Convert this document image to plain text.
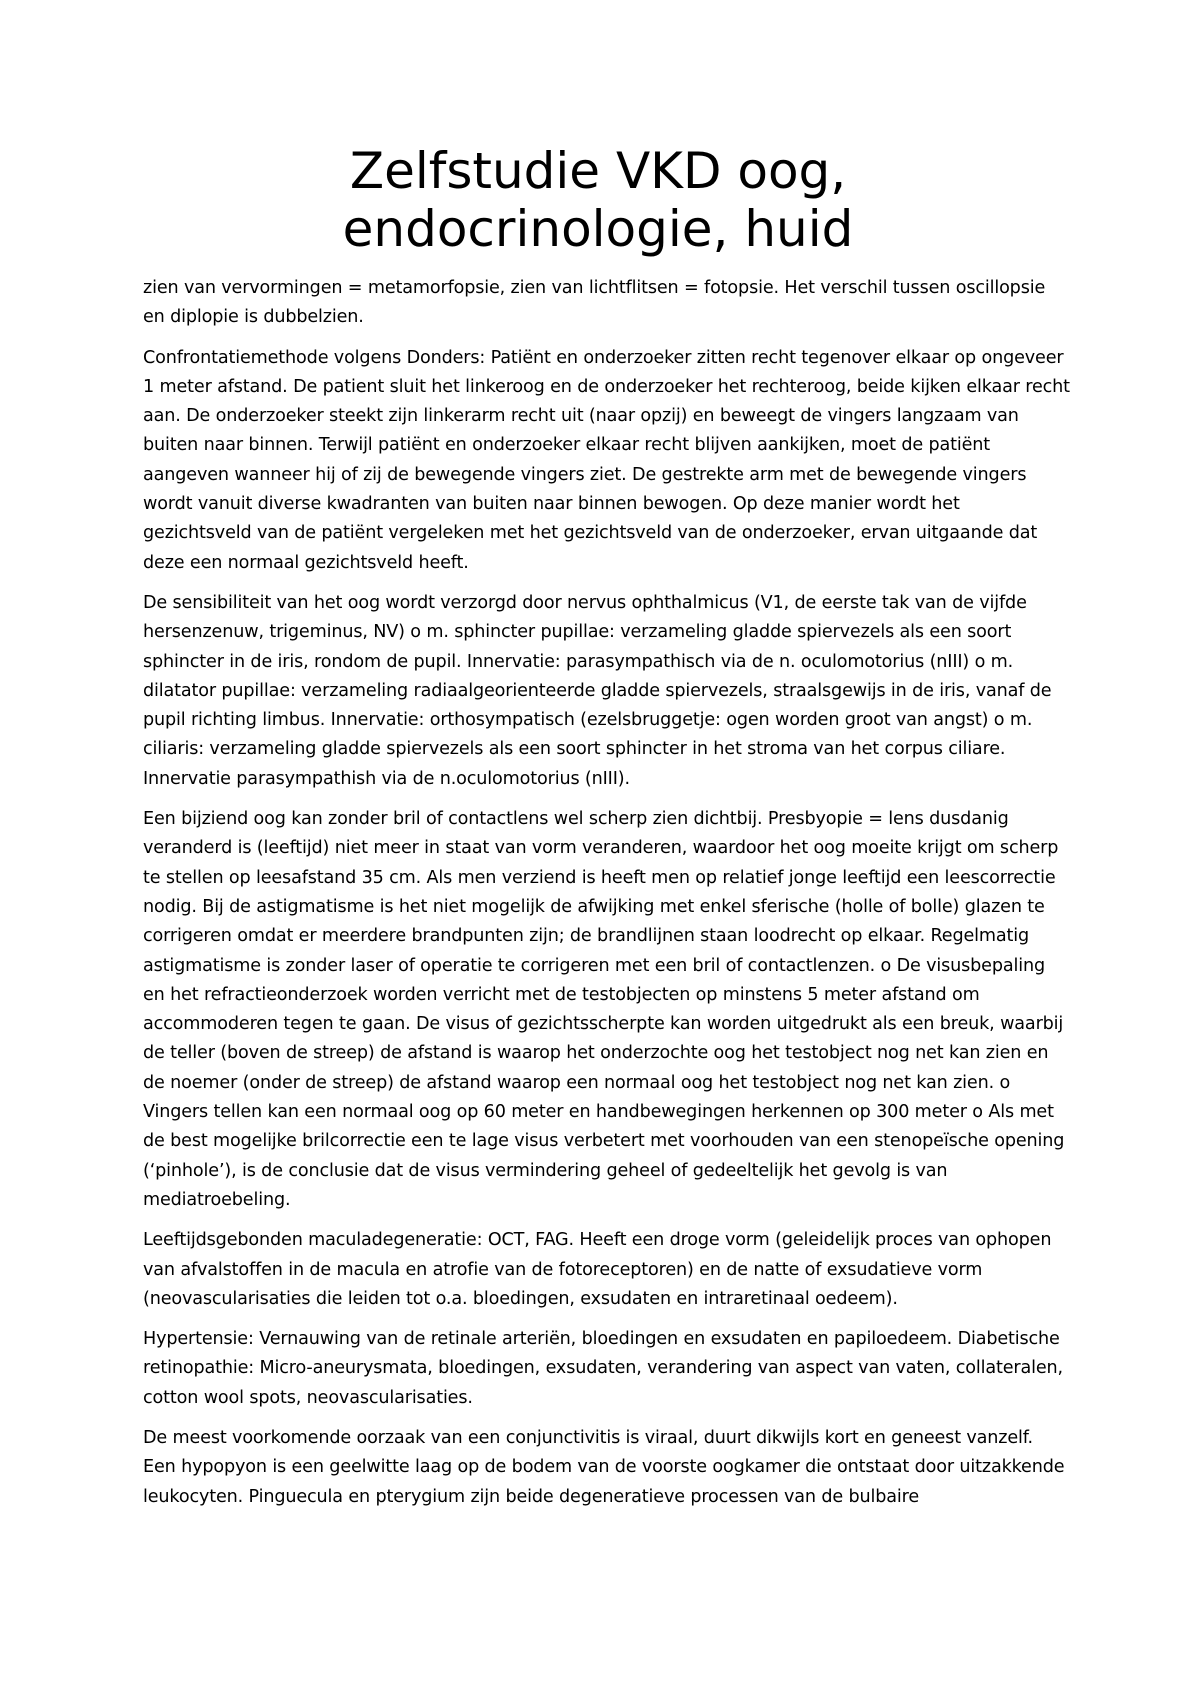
Zelfstudie VKD oog,
endocrinologie, huid

zien van vervormingen = metamorfopsie, zien van lichtflitsen = fotopsie. Het verschil tussen oscillopsie en diplopie is dubbelzien.

Confrontatiemethode volgens Donders: Patiënt en onderzoeker zitten recht tegenover elkaar op ongeveer 1 meter afstand. De patient sluit het linkeroog en de onderzoeker het rechteroog, beide kijken elkaar recht aan. De onderzoeker steekt zijn linkerarm recht uit (naar opzij) en beweegt de vingers langzaam van buiten naar binnen. Terwijl patiënt en onderzoeker elkaar recht blijven aankijken, moet de patiënt aangeven wanneer hij of zij de bewegende vingers ziet. De gestrekte arm met de bewegende vingers wordt vanuit diverse kwadranten van buiten naar binnen bewogen. Op deze manier wordt het gezichtsveld van de patiënt vergeleken met het gezichtsveld van de onderzoeker, ervan uitgaande dat deze een normaal gezichtsveld heeft.

De sensibiliteit van het oog wordt verzorgd door nervus ophthalmicus (V1, de eerste tak van de vijfde hersenzenuw, trigeminus, NV) o m. sphincter pupillae: verzameling gladde spiervezels als een soort sphincter in de iris, rondom de pupil. Innervatie: parasympathisch via de n. oculomotorius (nIII) o m. dilatator pupillae: verzameling radiaalgeorienteerde gladde spiervezels, straalsgewijs in de iris, vanaf de pupil richting limbus. Innervatie: orthosympatisch (ezelsbruggetje: ogen worden groot van angst) o m. ciliaris: verzameling gladde spiervezels als een soort sphincter in het stroma van het corpus ciliare. Innervatie parasympathish via de n.oculomotorius (nIII).

Een bijziend oog kan zonder bril of contactlens wel scherp zien dichtbij. Presbyopie = lens dusdanig veranderd is (leeftijd) niet meer in staat van vorm veranderen, waardoor het oog moeite krijgt om scherp te stellen op leesafstand 35 cm. Als men verziend is heeft men op relatief jonge leeftijd een leescorrectie nodig. Bij de astigmatisme is het niet mogelijk de afwijking met enkel sferische (holle of bolle) glazen te corrigeren omdat er meerdere brandpunten zijn; de brandlijnen staan loodrecht op elkaar. Regelmatig astigmatisme is zonder laser of operatie te corrigeren met een bril of contactlenzen. o De visusbepaling en het refractieonderzoek worden verricht met de testobjecten op minstens 5 meter afstand om accommoderen tegen te gaan. De visus of gezichtsscherpte kan worden uitgedrukt als een breuk, waarbij de teller (boven de streep) de afstand is waarop het onderzochte oog het testobject nog net kan zien en de noemer (onder de streep) de afstand waarop een normaal oog het testobject nog net kan zien. o Vingers tellen kan een normaal oog op 60 meter en handbewegingen herkennen op 300 meter o Als met de best mogelijke brilcorrectie een te lage visus verbetert met voorhouden van een stenopeïsche opening (‘pinhole’), is de conclusie dat de visus vermindering geheel of gedeeltelijk het gevolg is van mediatroebeling.

Leeftijdsgebonden maculadegeneratie: OCT, FAG. Heeft een droge vorm (geleidelijk proces van ophopen van afvalstoffen in de macula en atrofie van de fotoreceptoren) en de natte of exsudatieve vorm (neovascularisaties die leiden tot o.a. bloedingen, exsudaten en intraretinaal oedeem).

Hypertensie: Vernauwing van de retinale arteriën, bloedingen en exsudaten en papiloedeem. Diabetische retinopathie: Micro-aneurysmata, bloedingen, exsudaten, verandering van aspect van vaten, collateralen, cotton wool spots, neovascularisaties.

De meest voorkomende oorzaak van een conjunctivitis is viraal, duurt dikwijls kort en geneest vanzelf. Een hypopyon is een geelwitte laag op de bodem van de voorste oogkamer die ontstaat door uitzakkende leukocyten. Pinguecula en pterygium zijn beide degeneratieve processen van de bulbaire
